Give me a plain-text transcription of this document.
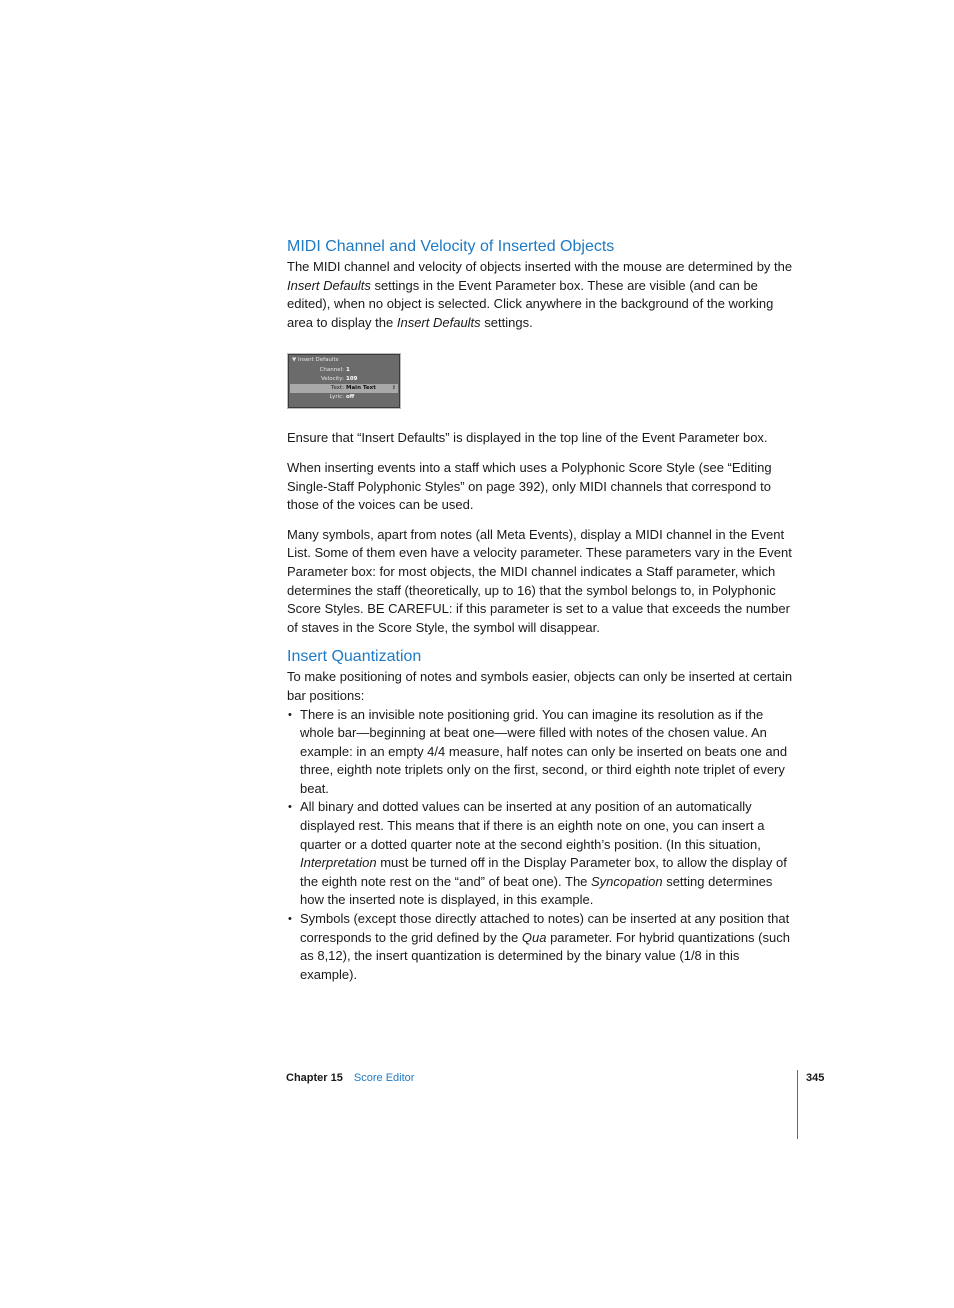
MIDI Channel and Velocity of Inserted Objects

The MIDI channel and velocity of objects inserted with the mouse are determined by the Insert Defaults settings in the Event Parameter box. These are visible (and can be edited), when no object is selected. Click anywhere in the background of the working area to display the Insert Defaults settings.

▼ Insert Defaults
Channel: 1
Velocity: 109
Text: Main Text	⇕
Lyric: off

Ensure that “Insert Defaults” is displayed in the top line of the Event Parameter box.

When inserting events into a staff which uses a Polyphonic Score Style (see “Editing Single-Staff Polyphonic Styles” on page 392), only MIDI channels that correspond to those of the voices can be used.

Many symbols, apart from notes (all Meta Events), display a MIDI channel in the Event List. Some of them even have a velocity parameter. These parameters vary in the Event Parameter box: for most objects, the MIDI channel indicates a Staff parameter, which determines the staff (theoretically, up to 16) that the symbol belongs to, in Polyphonic Score Styles. BE CAREFUL: if this parameter is set to a value that exceeds the number of staves in the Score Style, the symbol will disappear.

Insert Quantization

To make positioning of notes and symbols easier, objects can only be inserted at certain bar positions:

• There is an invisible note positioning grid. You can imagine its resolution as if the whole bar—beginning at beat one—were filled with notes of the chosen value. An example: in an empty 4/4 measure, half notes can only be inserted on beats one and three, eighth note triplets only on the first, second, or third eighth note triplet of every beat.
• All binary and dotted values can be inserted at any position of an automatically displayed rest. This means that if there is an eighth note on one, you can insert a quarter or a dotted quarter note at the second eighth’s position. (In this situation, Interpretation must be turned off in the Display Parameter box, to allow the display of the eighth note rest on the “and” of beat one). The Syncopation setting determines how the inserted note is displayed, in this example.
• Symbols (except those directly attached to notes) can be inserted at any position that corresponds to the grid defined by the Qua parameter. For hybrid quantizations (such as 8,12), the insert quantization is determined by the binary value (1/8 in this example).
Chapter 15 Score Editor	345
